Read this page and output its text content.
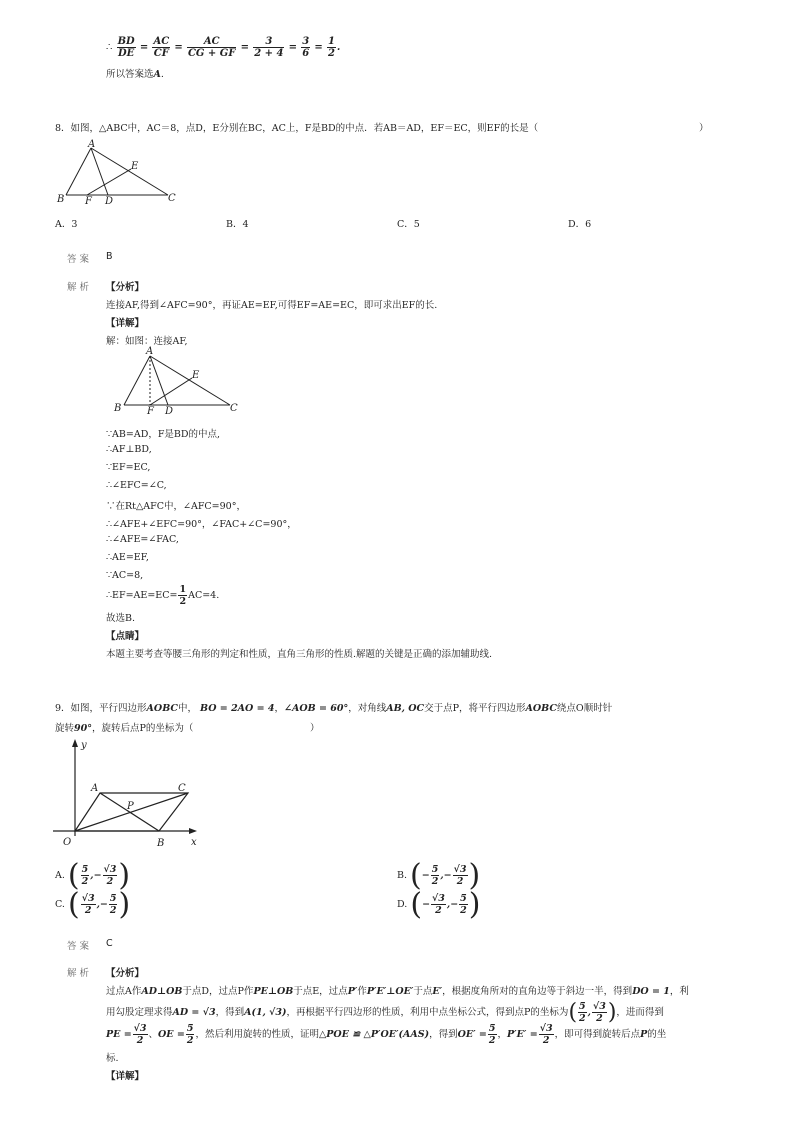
∴ $\frac{BD}{DE} = \frac{AC}{CF} = \frac{AC}{CG + GF} = \frac{3}{2 + 4} = \frac{3}{6} = \frac{1}{2}$ .
所以答案选A.
8．如图，△ABC中，AC＝8，点D，E分别在BC，AC上，F是BD的中点．若AB＝AD，EF＝EC，则EF的长是（	）
A
B	C
D
E
F
A．3	B．4	C．5	D．6
答案 B
解析 【分析】
连接AF,得到∠AFC=90°，再证AE=EF,可得EF=AE=EC，即可求出EF的长.
【详解】
解：如图：连接AF,
A
B	C
D
E
F
∵AB=AD，F是BD的中点,
∴AF⊥BD,
∵EF=EC,
∴∠EFC=∠C,
∵在Rt△AFC中，∠AFC=90°，
∴∠AFE+∠EFC=90°，∠FAC+∠C=90°，
∴∠AFE=∠FAC,
∴AE=EF,
∵AC=8,
∴EF=AE=EC= $\frac{1}{2} AC=4$.
故选B.
【点睛】
本题主要考查等腰三角形的判定和性质，直角三角形的性质.解题的关键是正确的添加辅助线.
9．如图，平行四边形AOBC中， BO = 2AO = 4，∠AOB = 60°，对角线AB, OC交于点P，将平行四边形AOBC绕点O顺时针
旋转90°，旋转后点P的坐标为（	）
y
x
O
A
B
C
P
A. ( $\frac{5}{2}$ ,− $\frac{√3}{2}$ )	B. (− $\frac{5}{2}$ ,− $\frac{√3}{2}$ )
C. ( $\frac{√3}{2}$ ,− $\frac{5}{2}$ )	D. (− $\frac{√3}{2}$ ,− $\frac{5}{2}$ )
答案 C
解析 【分析】
过点A作AD⊥OB于点D，过点P作PE⊥OB于点E，过点P′作P′E′⊥OE′于点E′，根据度角所对的直角边等于斜边一半，得到DO = 1，利
用勾股定理求得AD = √3，得到A(1, √3)，再根据平行四边形的性质，利用中点坐标公式，得到点P的坐标为( $\frac{5}{2}$ , $\frac{√3}{2}$ )，进而得到
PE = $\frac{√3}{2}$ 、OE = $\frac{5}{2}$ ，然后利用旋转的性质，证明△POE ≌ △P′OE′(AAS)，得到$OE' = \frac{5}{2}$ ，$P'E' = \frac{√3}{2}$ ，即可得到旋转后点P的坐
标.
【详解】
